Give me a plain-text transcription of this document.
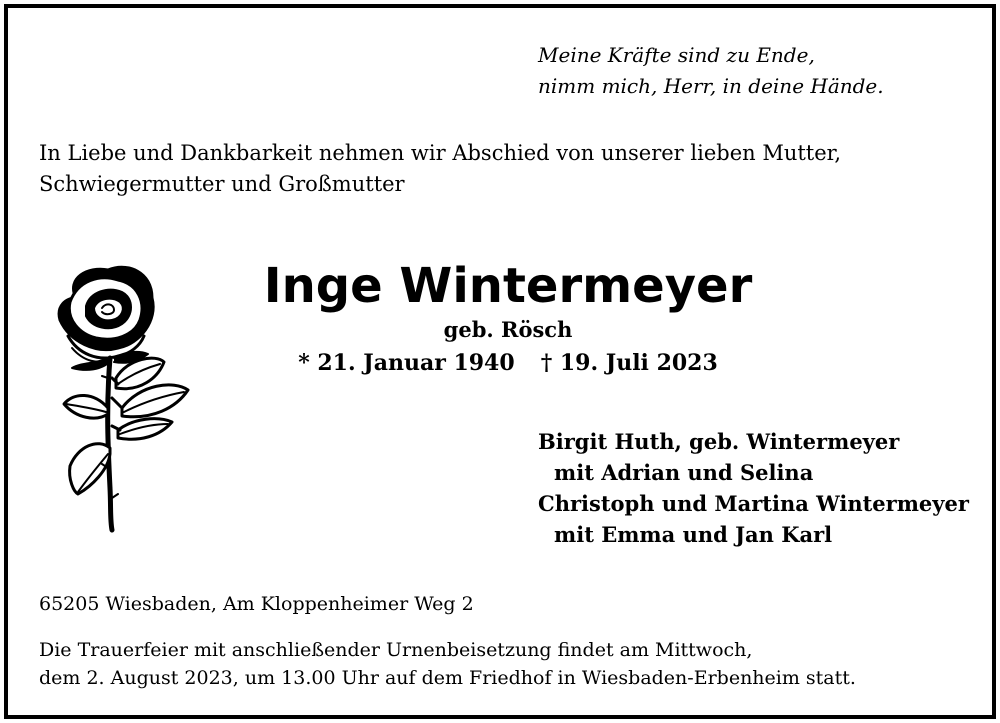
Meine Kräfte sind zu Ende,
nimm mich, Herr, in deine Hände.
In Liebe und Dankbarkeit nehmen wir Abschied von unserer lieben Mutter,
Schwiegermutter und Großmutter
Inge Wintermeyer
geb. Rösch
* 21. Januar 1940 † 19. Juli 2023
Birgit Huth, geb. Wintermeyer
mit Adrian und Selina
Christoph und Martina Wintermeyer
mit Emma und Jan Karl
65205 Wiesbaden, Am Kloppenheimer Weg 2
Die Trauerfeier mit anschließender Urnenbeisetzung findet am Mittwoch,
dem 2. August 2023, um 13.00 Uhr auf dem Friedhof in Wiesbaden-Erbenheim statt.
